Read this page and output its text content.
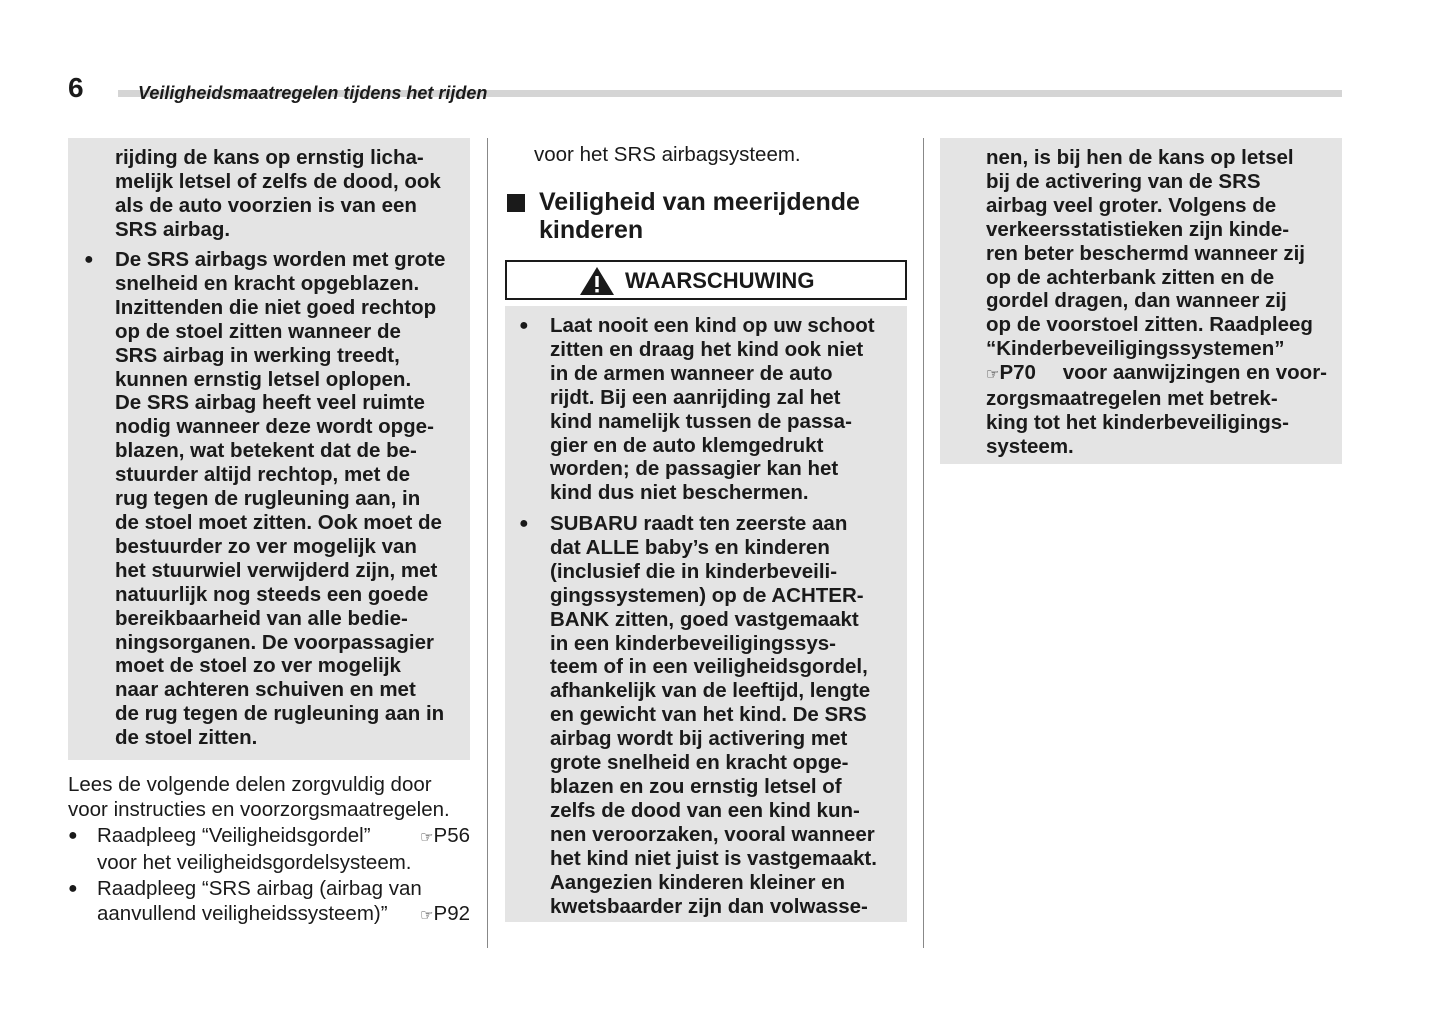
6	Veiligheidsmaatregelen tijdens het rijden
rijding de kans op ernstig licha-
melijk letsel of zelfs de dood, ook
als de auto voorzien is van een
SRS airbag.
● De SRS airbags worden met grote
snelheid en kracht opgeblazen.
Inzittenden die niet goed rechtop
op de stoel zitten wanneer de
SRS airbag in werking treedt,
kunnen ernstig letsel oplopen.
De SRS airbag heeft veel ruimte
nodig wanneer deze wordt opge-
blazen, wat betekent dat de be-
stuurder altijd rechtop, met de
rug tegen de rugleuning aan, in
de stoel moet zitten. Ook moet de
bestuurder zo ver mogelijk van
het stuurwiel verwijderd zijn, met
natuurlijk nog steeds een goede
bereikbaarheid van alle bedie-
ningsorganen. De voorpassagier
moet de stoel zo ver mogelijk
naar achteren schuiven en met
de rug tegen de rugleuning aan in
de stoel zitten.
Lees de volgende delen zorgvuldig door
voor instructies en voorzorgsmaatregelen.
● Raadpleeg “Veiligheidsgordel”	☞P56
voor het veiligheidsgordelsysteem.
● Raadpleeg “SRS airbag (airbag van
aanvullend veiligheidssysteem)” ☞P92
voor het SRS airbagsysteem.
Veiligheid van meerijdende
kinderen
WAARSCHUWING
● Laat nooit een kind op uw schoot
zitten en draag het kind ook niet
in de armen wanneer de auto
rijdt. Bij een aanrijding zal het
kind namelijk tussen de passa-
gier en de auto klemgedrukt
worden; de passagier kan het
kind dus niet beschermen.
● SUBARU raadt ten zeerste aan
dat ALLE baby’s en kinderen
(inclusief die in kinderbeveili-
gingssystemen) op de ACHTER-
BANK zitten, goed vastgemaakt
in een kinderbeveiligingssys-
teem of in een veiligheidsgordel,
afhankelijk van de leeftijd, lengte
en gewicht van het kind. De SRS
airbag wordt bij activering met
grote snelheid en kracht opge-
blazen en zou ernstig letsel of
zelfs de dood van een kind kun-
nen veroorzaken, vooral wanneer
het kind niet juist is vastgemaakt.
Aangezien kinderen kleiner en
kwetsbaarder zijn dan volwasse-
nen, is bij hen de kans op letsel
bij de activering van de SRS
airbag veel groter. Volgens de
verkeersstatistieken zijn kinde-
ren beter beschermd wanneer zij
op de achterbank zitten en de
gordel dragen, dan wanneer zij
op de voorstoel zitten. Raadpleeg
“Kinderbeveiligingssystemen”
☞P70 voor aanwijzingen en voor-
zorgsmaatregelen met betrek-
king tot het kinderbeveiligings-
systeem.
